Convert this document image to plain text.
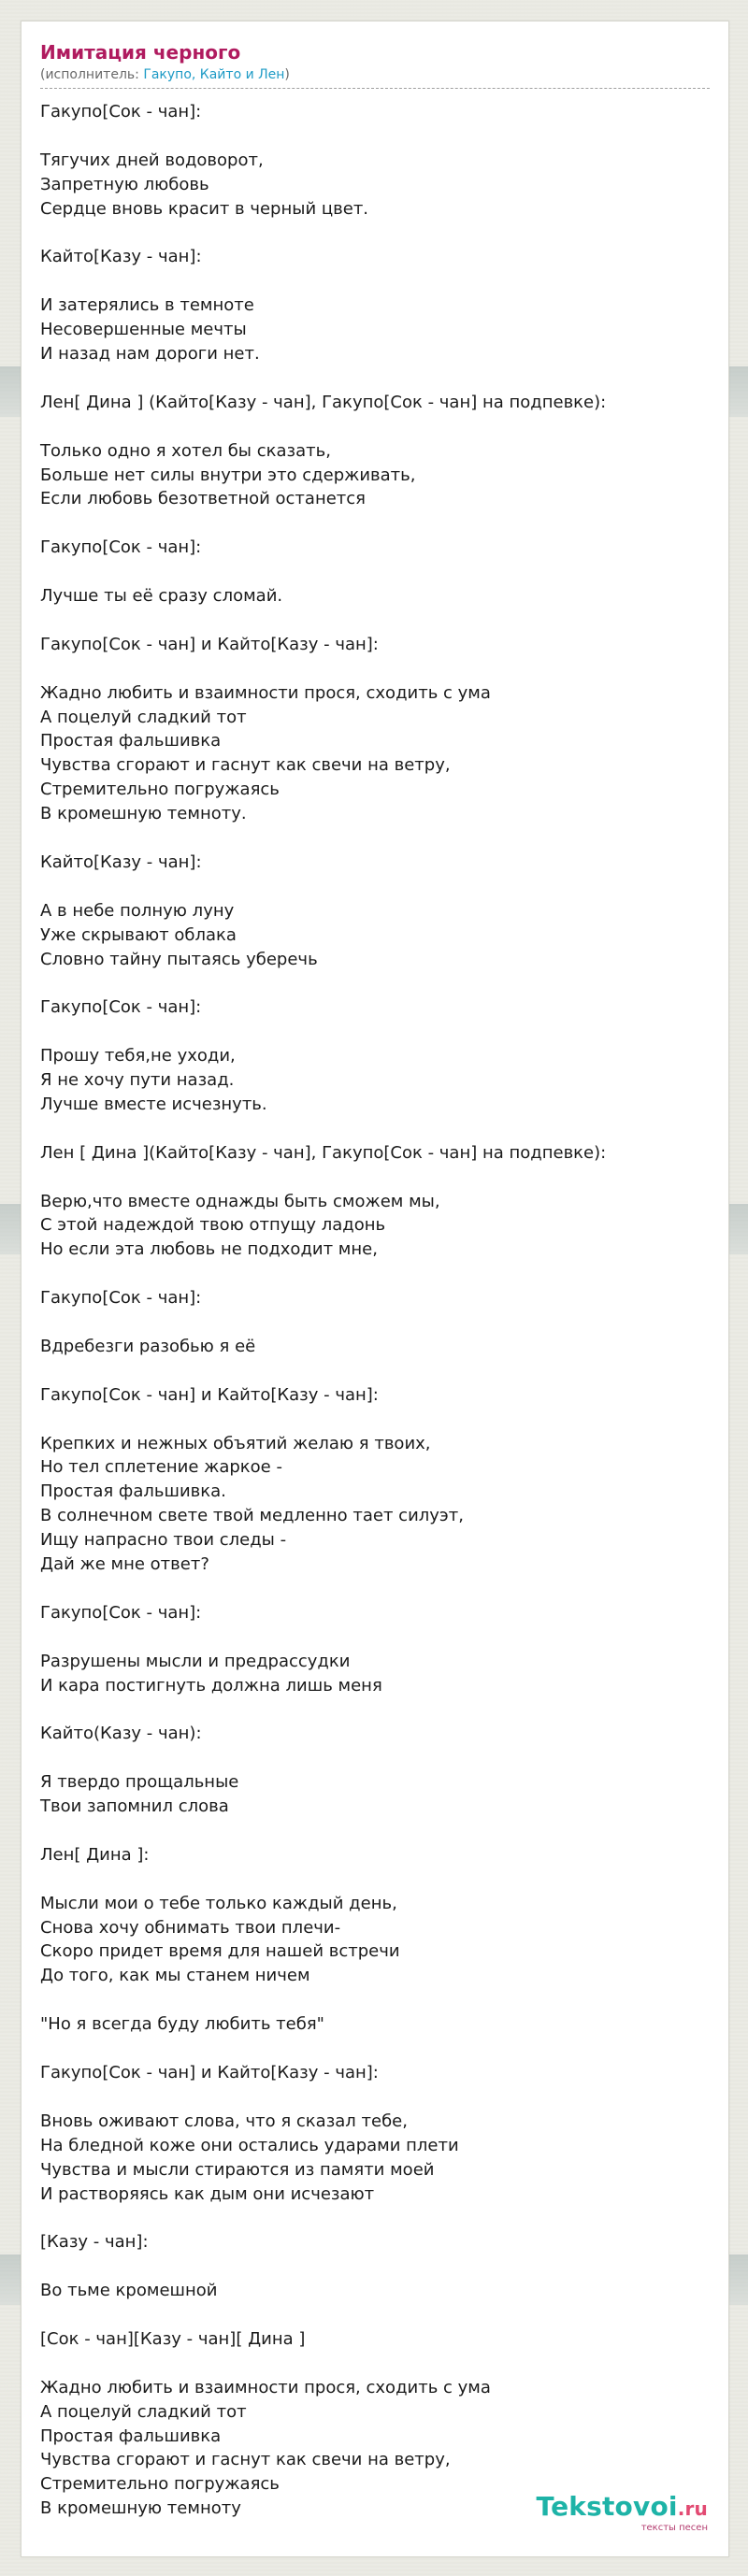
Имитация черного
(исполнитель: Гакупо, Кайто и Лен)
Гакупо[Сок - чан]:
Тягучих дней водоворот,
Запретную любовь
Сердце вновь красит в черный цвет.
Кайто[Казу - чан]:
И затерялись в темноте
Несовершенные мечты
И назад нам дороги нет.
Лен[ Дина ] (Кайто[Казу - чан], Гакупо[Сок - чан] на подпевке):
Только одно я хотел бы сказать,
Больше нет силы внутри это сдерживать,
Если любовь безответной останется
Гакупо[Сок - чан]:
Лучше ты её сразу сломай.
Гакупо[Сок - чан] и Кайто[Казу - чан]:
Жадно любить и взаимности прося, сходить с ума
А поцелуй сладкий тот
Простая фальшивка
Чувства сгорают и гаснут как свечи на ветру,
Стремительно погружаясь
В кромешную темноту.
Кайто[Казу - чан]:
А в небе полную луну
Уже скрывают облака
Словно тайну пытаясь уберечь
Гакупо[Сок - чан]:
Прошу тебя,не уходи,
Я не хочу пути назад.
Лучше вместе исчезнуть.
Лен [ Дина ](Кайто[Казу - чан], Гакупо[Сок - чан] на подпевке):
Верю,что вместе однажды быть сможем мы,
С этой надеждой твою отпущу ладонь
Но если эта любовь не подходит мне,
Гакупо[Сок - чан]:
Вдребезги разобью я её
Гакупо[Сок - чан] и Кайто[Казу - чан]:
Крепких и нежных объятий желаю я твоих,
Но тел сплетение жаркое -
Простая фальшивка.
В солнечном свете твой медленно тает силуэт,
Ищу напрасно твои следы -
Дай же мне ответ?
Гакупо[Сок - чан]:
Разрушены мысли и предрассудки
И кара постигнуть должна лишь меня
Кайто(Казу - чан):
Я твердо прощальные
Твои запомнил слова
Лен[ Дина ]:
Мысли мои о тебе только каждый день,
Снова хочу обнимать твои плечи-
Скоро придет время для нашей встречи
До того, как мы станем ничем
"Но я всегда буду любить тебя"
Гакупо[Сок - чан] и Кайто[Казу - чан]:
Вновь оживают слова, что я сказал тебе,
На бледной коже они остались ударами плети
Чувства и мысли стираются из памяти моей
И растворяясь как дым они исчезают
[Казу - чан]:
Во тьме кромешной
[Сок - чан][Казу - чан][ Дина ]
Жадно любить и взаимности прося, сходить с ума
А поцелуй сладкий тот
Простая фальшивка
Чувства сгорают и гаснут как свечи на ветру,
Стремительно погружаясь
В кромешную темноту	Tekstovoi.ru
тексты песен
